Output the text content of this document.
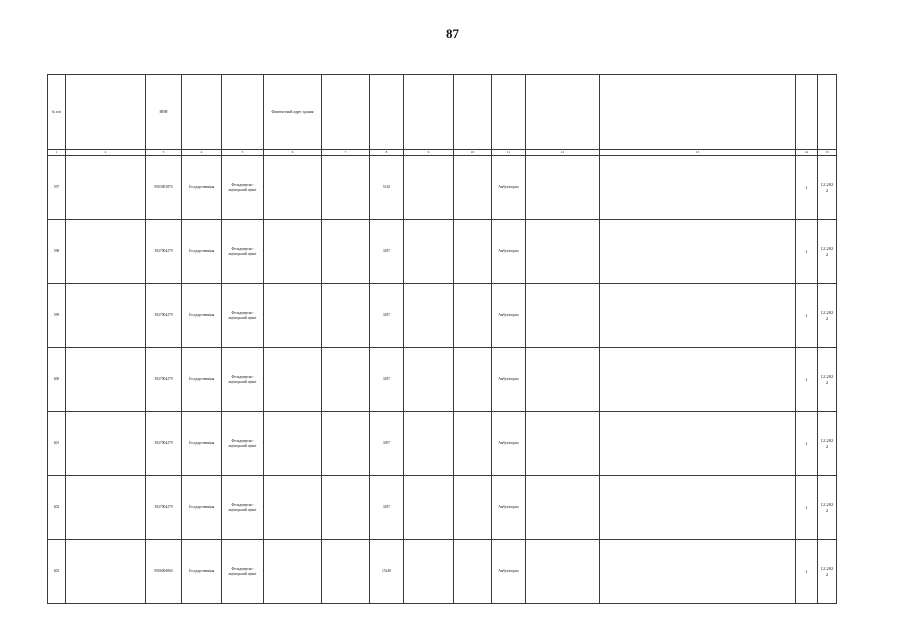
87
№ п/п		ИНН			Фактический адрес здания									
1	2	3	4	5	6	7	8	9	10	11	12	13	14	15
597		8503001870	Государственная	Фельдшерско-акушерский пункт			5120			Амбулаторно			1	12.2022
598		3827004279	Государственная	Фельдшерско-акушерский пункт			3037			Амбулаторно			1	12.2022
599		3827004279	Государственная	Фельдшерско-акушерский пункт			3037			Амбулаторно			1	12.2022
600		3827004279	Государственная	Фельдшерско-акушерский пункт			3037			Амбулаторно			1	12.2022
601		3827004279	Государственная	Фельдшерско-акушерский пункт			3057			Амбулаторно			1	12.2022
602		3827004279	Государственная	Фельдшерско-акушерский пункт			3037			Амбулаторно			1	12.2022
603		8506004860	Государственная	Фельдшерско-акушерский пункт			15248			Амбулаторно			1	12.2022
